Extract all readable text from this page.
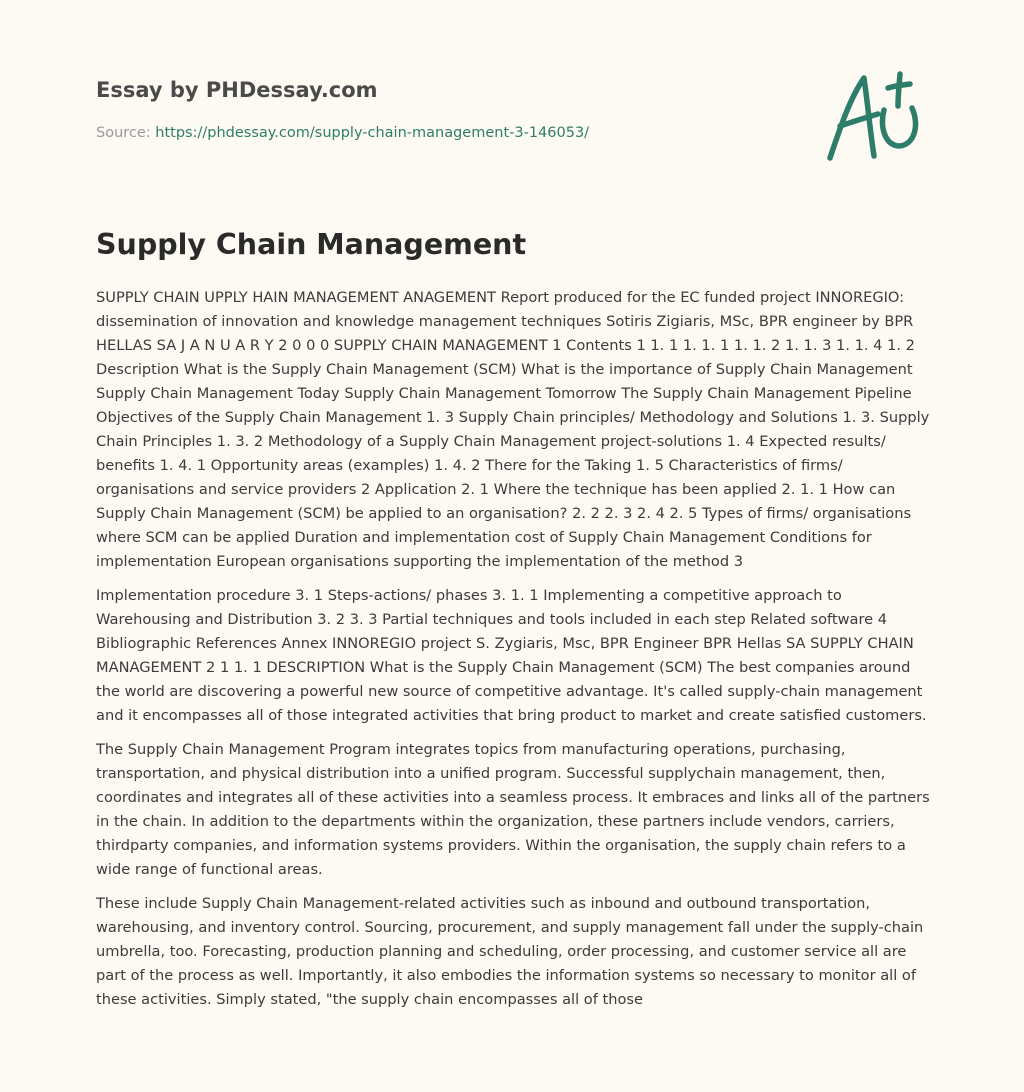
Essay by PHDessay.com
Source: https://phdessay.com/supply-chain-management-3-146053/
Supply Chain Management

SUPPLY CHAIN UPPLY HAIN MANAGEMENT ANAGEMENT Report produced for the EC funded project INNOREGIO: dissemination of innovation and knowledge management techniques Sotiris Zigiaris, MSc, BPR engineer by BPR HELLAS SA J A N U A R Y 2 0 0 0 SUPPLY CHAIN MANAGEMENT 1 Contents 1 1. 1 1. 1. 1 1. 1. 2 1. 1. 3 1. 1. 4 1. 2 Description What is the Supply Chain Management (SCM) What is the importance of Supply Chain Management Supply Chain Management Today Supply Chain Management Tomorrow The Supply Chain Management Pipeline Objectives of the Supply Chain Management 1. 3 Supply Chain principles/ Methodology and Solutions 1. 3. Supply Chain Principles 1. 3. 2 Methodology of a Supply Chain Management project-solutions 1. 4 Expected results/ benefits 1. 4. 1 Opportunity areas (examples) 1. 4. 2 There for the Taking 1. 5 Characteristics of firms/ organisations and service providers 2 Application 2. 1 Where the technique has been applied 2. 1. 1 How can Supply Chain Management (SCM) be applied to an organisation? 2. 2 2. 3 2. 4 2. 5 Types of firms/ organisations where SCM can be applied Duration and implementation cost of Supply Chain Management Conditions for implementation European organisations supporting the implementation of the method 3

Implementation procedure 3. 1 Steps-actions/ phases 3. 1. 1 Implementing a competitive approach to Warehousing and Distribution 3. 2 3. 3 Partial techniques and tools included in each step Related software 4 Bibliographic References Annex INNOREGIO project S. Zygiaris, Msc, BPR Engineer BPR Hellas SA SUPPLY CHAIN MANAGEMENT 2 1 1. 1 DESCRIPTION What is the Supply Chain Management (SCM) The best companies around the world are discovering a powerful new source of competitive advantage. It's called supply-chain management and it encompasses all of those integrated activities that bring product to market and create satisfied customers.

The Supply Chain Management Program integrates topics from manufacturing operations, purchasing, transportation, and physical distribution into a unified program. Successful supplychain management, then, coordinates and integrates all of these activities into a seamless process. It embraces and links all of the partners in the chain. In addition to the departments within the organization, these partners include vendors, carriers, thirdparty companies, and information systems providers. Within the organisation, the supply chain refers to a wide range of functional areas.

These include Supply Chain Management-related activities such as inbound and outbound transportation, warehousing, and inventory control. Sourcing, procurement, and supply management fall under the supply-chain umbrella, too. Forecasting, production planning and scheduling, order processing, and customer service all are part of the process as well. Importantly, it also embodies the information systems so necessary to monitor all of these activities. Simply stated, "the supply chain encompasses all of those
